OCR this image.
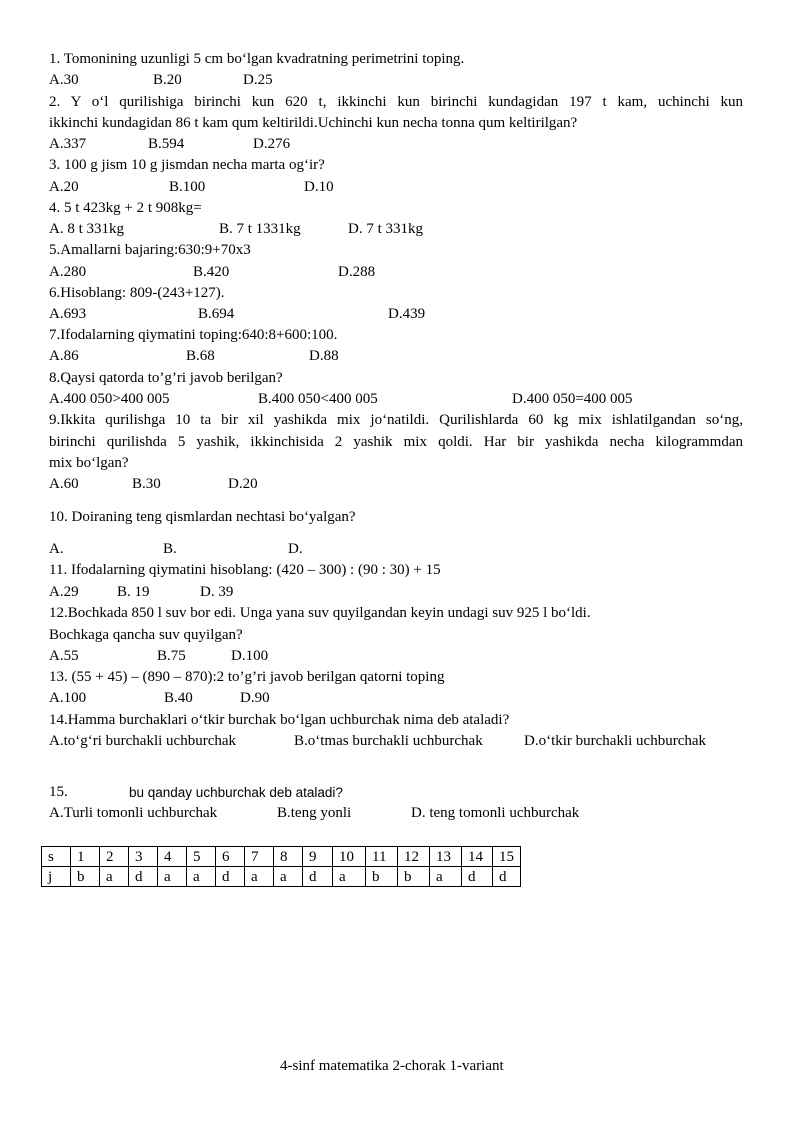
1. Tomonining uzunligi 5 cm bo‘lgan kvadratning perimetrini toping.
A.30	B.20	D.25
2. Y o‘l qurilishiga birinchi kun 620 t, ikkinchi kun birinchi kundagidan 197 t kam, uchinchi kun
ikkinchi kundagidan 86 t kam qum keltirildi.Uchinchi kun necha tonna qum keltirilgan?
A.337	B.594	D.276
3. 100 g jism 10 g jismdan necha marta og‘ir?
A.20	B.100	D.10
4. 5 t 423kg + 2 t 908kg=
A. 8 t 331kg	B. 7 t 1331kg	D. 7 t 331kg
5.Amallarni bajaring:630:9+70x3
A.280	B.420	D.288
6.Hisoblang: 809-(243+127).
A.693	B.694	D.439
7.Ifodalarning qiymatini toping:640:8+600:100.
A.86	B.68	D.88
8.Qaysi qatorda to’g’ri javob berilgan?
A.400 050>400 005	B.400 050<400 005	D.400 050=400 005
9.Ikkita qurilishga 10 ta bir xil yashikda mix jo‘natildi. Qurilishlarda 60 kg mix ishlatilgandan so‘ng,
birinchi qurilishda 5 yashik, ikkinchisida 2 yashik mix qoldi. Har bir yashikda necha kilogrammdan
mix bo‘lgan?
A.60	B.30	D.20
10. Doiraning teng qismlardan nechtasi bo‘yalgan?
A.	B.	D.
11. Ifodalarning qiymatini hisoblang: (420 – 300) : (90 : 30) + 15
A.29	B. 19	D. 39
12.Bochkada 850 l suv bor edi. Unga yana suv quyilgandan keyin undagi suv 925 l bo‘ldi.
Bochkaga qancha suv quyilgan?
A.55	B.75	D.100
13. (55 + 45) – (890 – 870):2 to’g’ri javob berilgan qatorni toping
A.100	B.40	D.90
14.Hamma burchaklari o‘tkir burchak bo‘lgan uchburchak nima deb ataladi?
A.to‘g‘ri burchakli uchburchak	B.o‘tmas burchakli uchburchak	D.o‘tkir burchakli uchburchak
15.	bu qanday uchburchak deb ataladi?
A.Turli tomonli uchburchak	B.teng yonli	D. teng tomonli uchburchak
s	1	2	3	4	5	6	7	8	9	10	11	12	13	14	15
j	b	a	d	a	a	d	a	a	d	a	b	b	a	d	d
4-sinf matematika 2-chorak 1-variant
